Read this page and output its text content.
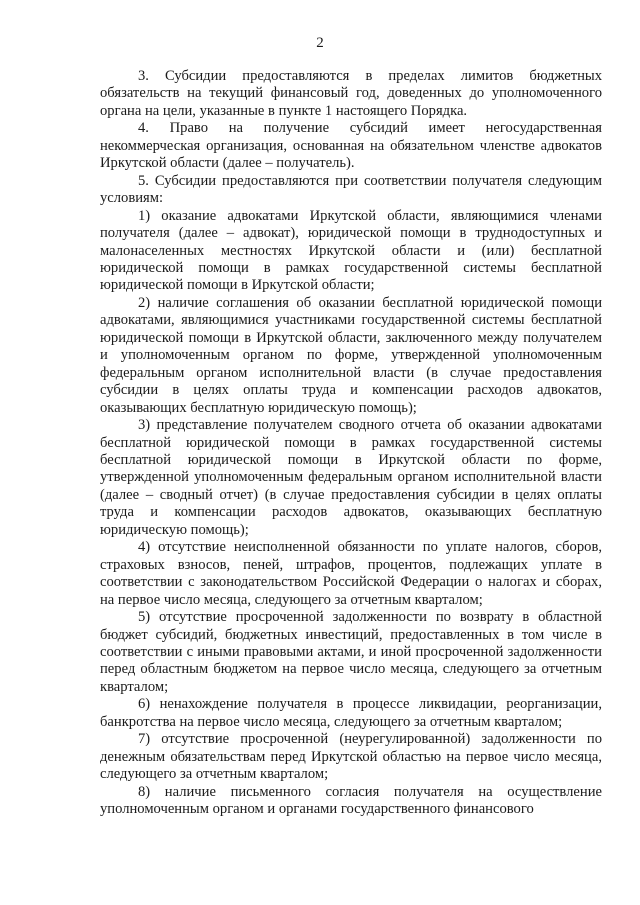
2

3. Субсидии предоставляются в пределах лимитов бюджетных обязательств на текущий финансовый год, доведенных до уполномоченного органа на цели, указанные в пункте 1 настоящего Порядка.

4. Право на получение субсидий имеет негосударственная некоммерческая организация, основанная на обязательном членстве адвокатов Иркутской области (далее – получатель).

5. Субсидии предоставляются при соответствии получателя следующим условиям:

1) оказание адвокатами Иркутской области, являющимися членами получателя (далее – адвокат), юридической помощи в труднодоступных и малонаселенных местностях Иркутской области и (или) бесплатной юридической помощи в рамках государственной системы бесплатной юридической помощи в Иркутской области;

2) наличие соглашения об оказании бесплатной юридической помощи адвокатами, являющимися участниками государственной системы бесплатной юридической помощи в Иркутской области, заключенного между получателем и уполномоченным органом по форме, утвержденной уполномоченным федеральным органом исполнительной власти (в случае предоставления субсидии в целях оплаты труда и компенсации расходов адвокатов, оказывающих бесплатную юридическую помощь);

3) представление получателем сводного отчета об оказании адвокатами бесплатной юридической помощи в рамках государственной системы бесплатной юридической помощи в Иркутской области по форме, утвержденной уполномоченным федеральным органом исполнительной власти (далее – сводный отчет) (в случае предоставления субсидии в целях оплаты труда и компенсации расходов адвокатов, оказывающих бесплатную юридическую помощь);

4) отсутствие неисполненной обязанности по уплате налогов, сборов, страховых взносов, пеней, штрафов, процентов, подлежащих уплате в соответствии с законодательством Российской Федерации о налогах и сборах, на первое число месяца, следующего за отчетным кварталом;

5) отсутствие просроченной задолженности по возврату в областной бюджет субсидий, бюджетных инвестиций, предоставленных в том числе в соответствии с иными правовыми актами, и иной просроченной задолженности перед областным бюджетом на первое число месяца, следующего за отчетным кварталом;

6) ненахождение получателя в процессе ликвидации, реорганизации, банкротства на первое число месяца, следующего за отчетным кварталом;

7) отсутствие просроченной (неурегулированной) задолженности по денежным обязательствам перед Иркутской областью на первое число месяца, следующего за отчетным кварталом;

8) наличие письменного согласия получателя на осуществление уполномоченным органом и органами государственного финансового
